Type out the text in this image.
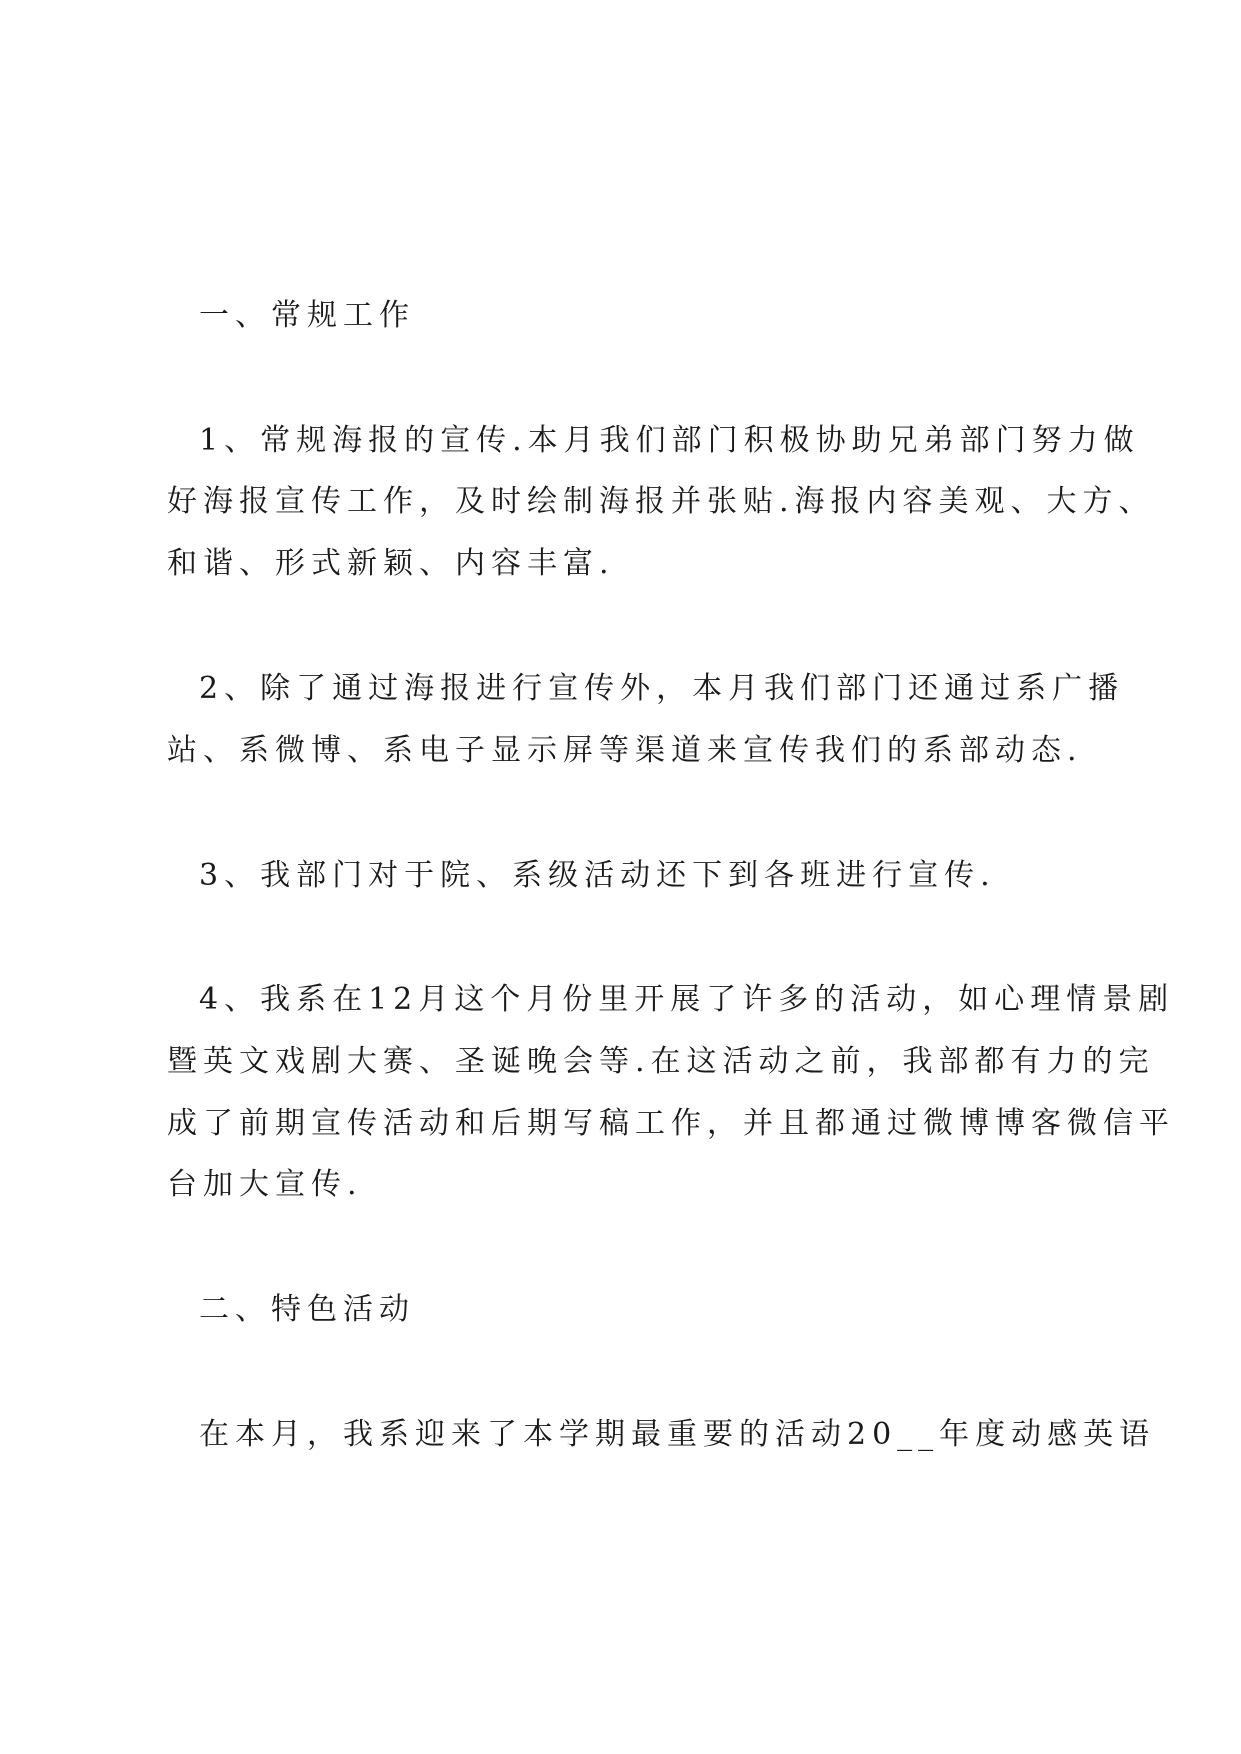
一、常规工作
1、常规海报的宣传.本月我们部门积极协助兄弟部门努力做
好海报宣传工作，及时绘制海报并张贴.海报内容美观、大方、
和谐、形式新颖、内容丰富.
2、除了通过海报进行宣传外，本月我们部门还通过系广播
站、系微博、系电子显示屏等渠道来宣传我们的系部动态.
3、我部门对于院、系级活动还下到各班进行宣传.
4、我系在12月这个月份里开展了许多的活动，如心理情景剧
暨英文戏剧大赛、圣诞晚会等.在这活动之前，我部都有力的完
成了前期宣传活动和后期写稿工作，并且都通过微博博客微信平
台加大宣传.
二、特色活动
在本月，我系迎来了本学期最重要的活动20__年度动感英语
